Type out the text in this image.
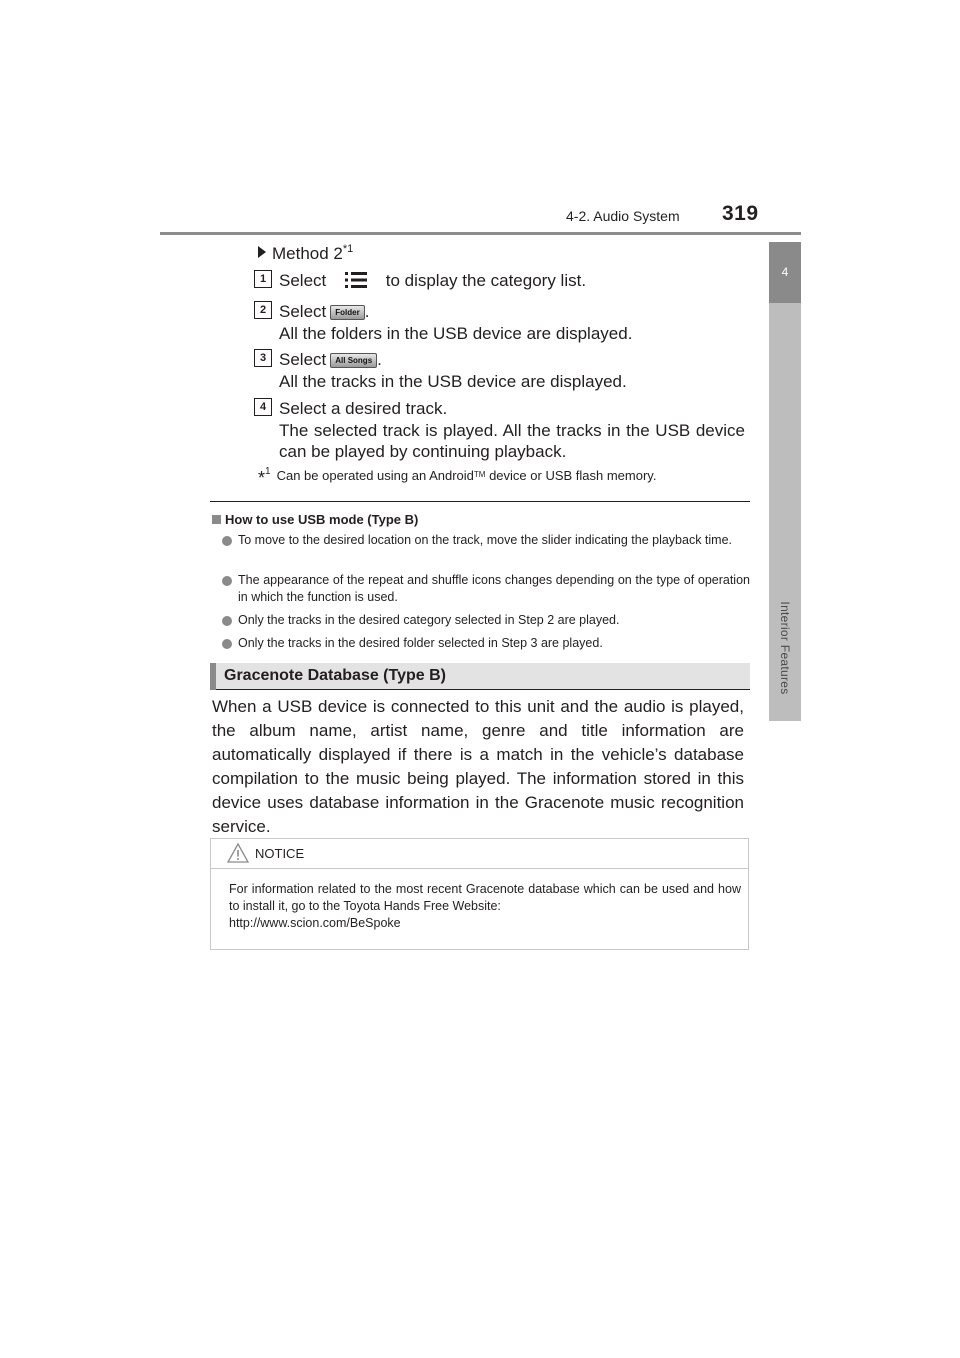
4-2. Audio System 319
4
Interior Features
Method 2$^{*1}$
1 Select	to display the category list.
2 Select Folder .
All the folders in the USB device are displayed.
3 Select All Songs .
All the tracks in the USB device are displayed.
4 Select a desired track.
The selected track is played. All the tracks in the USB device can be played by continuing playback.
*$^1$ Can be operated using an Android™ device or USB flash memory.
How to use USB mode (Type B)
To move to the desired location on the track, move the slider indicating the playback time.
The appearance of the repeat and shuffle icons changes depending on the type of operation in which the function is used.
Only the tracks in the desired category selected in Step 2 are played.
Only the tracks in the desired folder selected in Step 3 are played.
Gracenote Database (Type B)
When a USB device is connected to this unit and the audio is played, the album name, artist name, genre and title information are automatically displayed if there is a match in the vehicle’s database compilation to the music being played. The information stored in this device uses database information in the Gracenote music recognition service.
NOTICE

For information related to the most recent Gracenote database which can be used and how to install it, go to the Toyota Hands Free Website:

http://www.scion.com/BeSpoke
